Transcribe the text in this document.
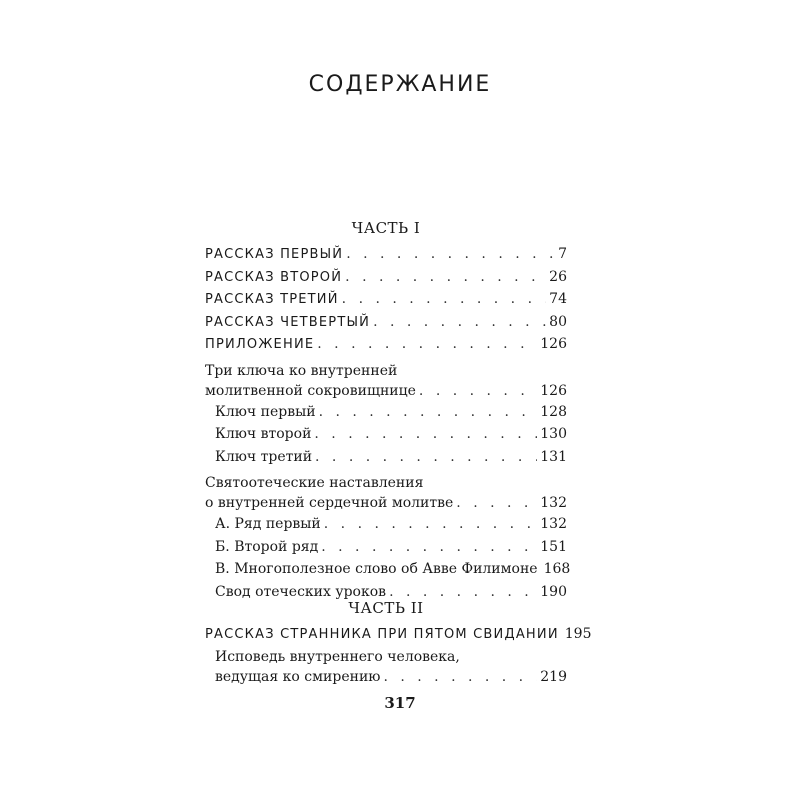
СОДЕРЖАНИЕ
ЧАСТЬ I
РАССКАЗ ПЕРВЫЙ . . .	7
РАССКАЗ ВТОРОЙ . . .	26
РАССКАЗ ТРЕТИЙ . . .	74
РАССКАЗ ЧЕТВЕРТЫЙ . . .	80
ПРИЛОЖЕНИЕ . . .	126
Три ключа ко внутренней
молитвенной сокровищнице . . .	126
Ключ первый . . .	128
Ключ второй . . .	130
Ключ третий . . .	131
Святоотеческие наставления
о внутренней сердечной молитве . . .	132
А. Ряд первый . . .	132
Б. Второй ряд . . .	151
В. Многополезное слово об Авве Филимоне 168
Свод отеческих уроков . . .	190
ЧАСТЬ II
РАССКАЗ СТРАННИКА ПРИ ПЯТОМ СВИДАНИИ 195
Исповедь внутреннего человека,
ведущая ко смирению . . .	219
317
